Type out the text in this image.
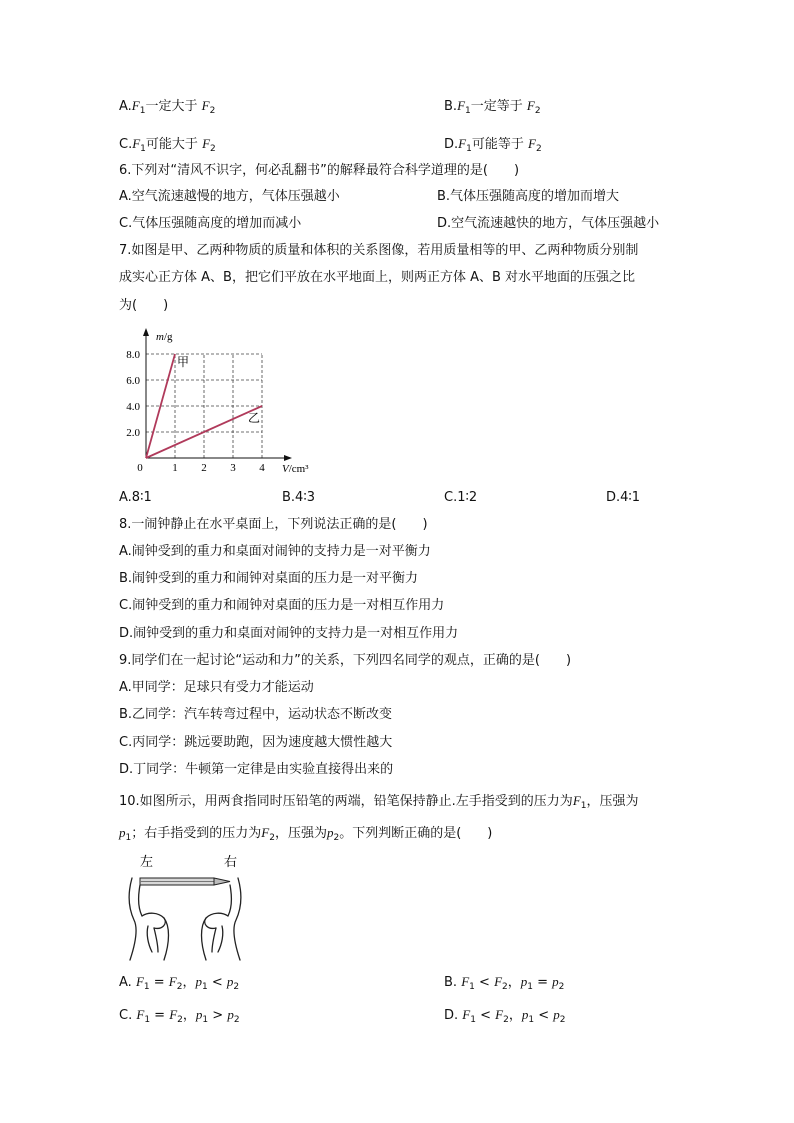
$A.F_1$一定大于 $F_2$	$B.F_1$一定等于 $F_2$
$C.F_1$可能大于 $F_2$	$D.F_1$可能等于 $F_2$
6.下列对“清风不识字，何必乱翻书”的解释最符合科学道理的是(　　)
A.空气流速越慢的地方，气体压强越小	B.气体压强随高度的增加而增大
C.气体压强随高度的增加而减小	D.空气流速越快的地方，气体压强越小
7.如图是甲、乙两种物质的质量和体积的关系图像，若用质量相等的甲、乙两种物质分别制
成实心正方体 A、B，把它们平放在水平地面上，则两正方体 A、B 对水平地面的压强之比
为(　　)
m/g
V/cm³
0	1 2 3 4
2.0
4.0
6.0
8.0	甲
乙
A.8∶1	B.4∶3	C.1∶2	D.4∶1
8.一闹钟静止在水平桌面上，下列说法正确的是(　　)
A.闹钟受到的重力和桌面对闹钟的支持力是一对平衡力
B.闹钟受到的重力和闹钟对桌面的压力是一对平衡力
C.闹钟受到的重力和闹钟对桌面的压力是一对相互作用力
D.闹钟受到的重力和桌面对闹钟的支持力是一对相互作用力
9.同学们在一起讨论“运动和力”的关系，下列四名同学的观点，正确的是(　　)
A.甲同学：足球只有受力才能运动
B.乙同学：汽车转弯过程中，运动状态不断改变
C.丙同学：跳远要助跑，因为速度越大惯性越大
D.丁同学：牛顿第一定律是由实验直接得出来的
10.如图所示，用两食指同时压铅笔的两端，铅笔保持静止.左手指受到的压力为$F_1$，压强为
$p_1$；右手指受到的压力为$F_2$，压强为$p_2$。下列判断正确的是(　　)
左	右
A. $F_1 = F_2$，$p_1 < p_2$	B. $F_1 < F_2$，$p_1 = p_2$
C. $F_1 = F_2$，$p_1 > p_2$	D. $F_1 < F_2$，$p_1 < p_2$
